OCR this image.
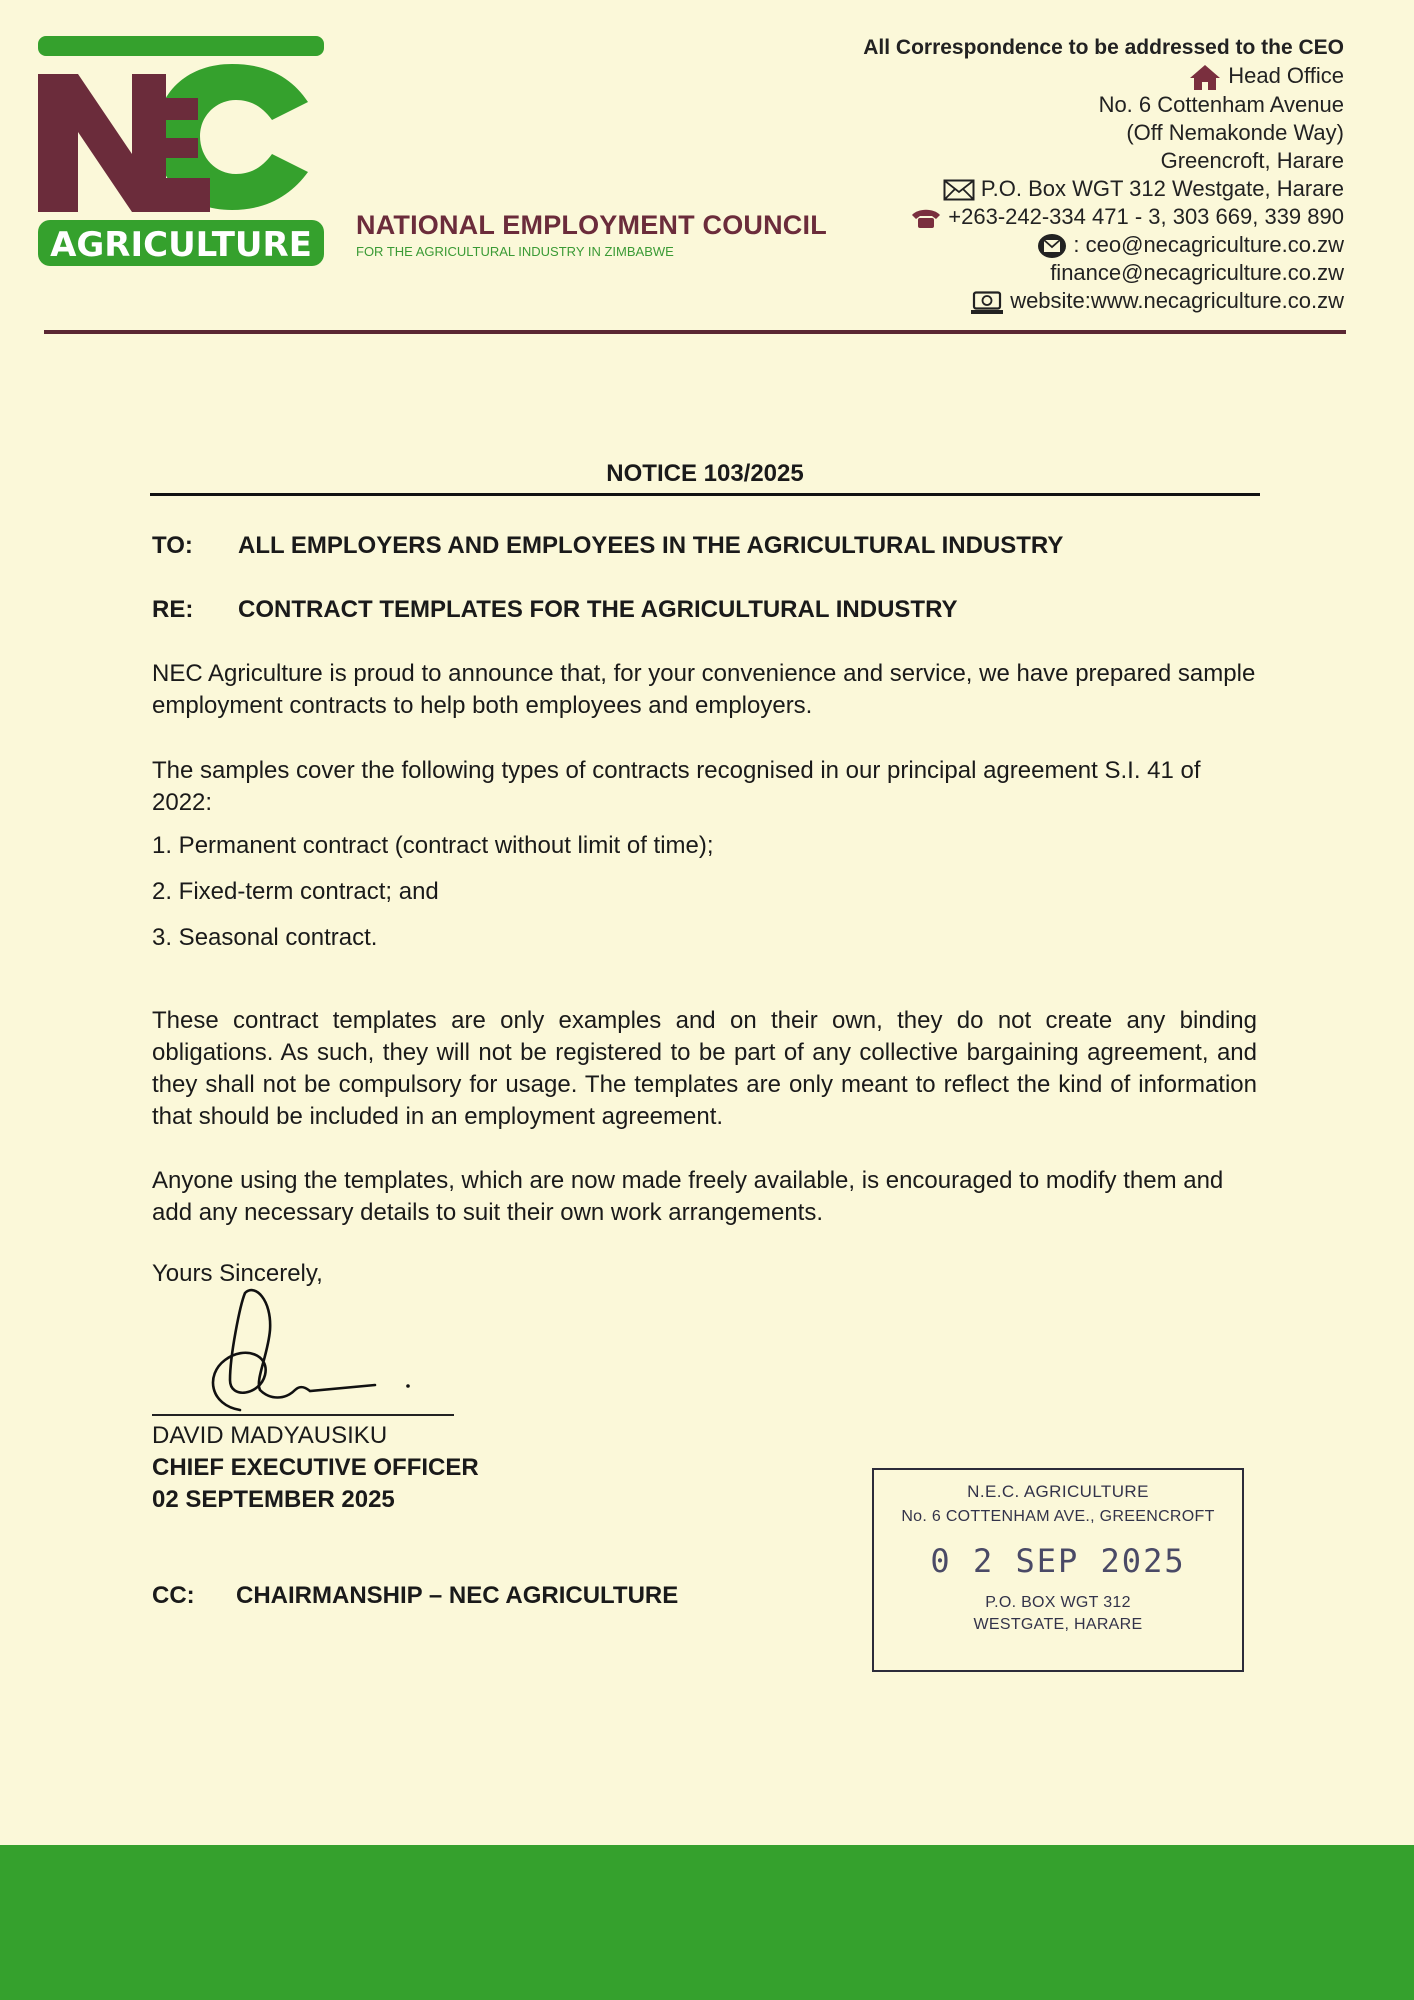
AGRICULTURE NATIONAL EMPLOYMENT COUNCIL
FOR THE AGRICULTURAL INDUSTRY IN ZIMBABWE
All Correspondence to be addressed to the CEO
Head Office
No. 6 Cottenham Avenue
(Off Nemakonde Way)
Greencroft, Harare
P.O. Box WGT 312 Westgate, Harare
+263-242-334 471 - 3, 303 669, 339 890
: ceo@necagriculture.co.zw
finance@necagriculture.co.zw
website:www.necagriculture.co.zw
NOTICE 103/2025
TO: ALL EMPLOYERS AND EMPLOYEES IN THE AGRICULTURAL INDUSTRY
RE: CONTRACT TEMPLATES FOR THE AGRICULTURAL INDUSTRY
NEC Agriculture is proud to announce that, for your convenience and service, we have prepared sample employment contracts to help both employees and employers.
The samples cover the following types of contracts recognised in our principal agreement S.I. 41 of 2022:
1. Permanent contract (contract without limit of time);
2. Fixed-term contract; and
3. Seasonal contract.
These contract templates are only examples and on their own, they do not create any binding obligations. As such, they will not be registered to be part of any collective bargaining agreement, and they shall not be compulsory for usage. The templates are only meant to reflect the kind of information that should be included in an employment agreement.
Anyone using the templates, which are now made freely available, is encouraged to modify them and add any necessary details to suit their own work arrangements.
Yours Sincerely,
DAVID MADYAUSIKU
CHIEF EXECUTIVE OFFICER
02 SEPTEMBER 2025
CC: CHAIRMANSHIP – NEC AGRICULTURE
N.E.C. AGRICULTURE
No. 6 COTTENHAM AVE., GREENCROFT
0 2 SEP 2025
P.O. BOX WGT 312
WESTGATE, HARARE
